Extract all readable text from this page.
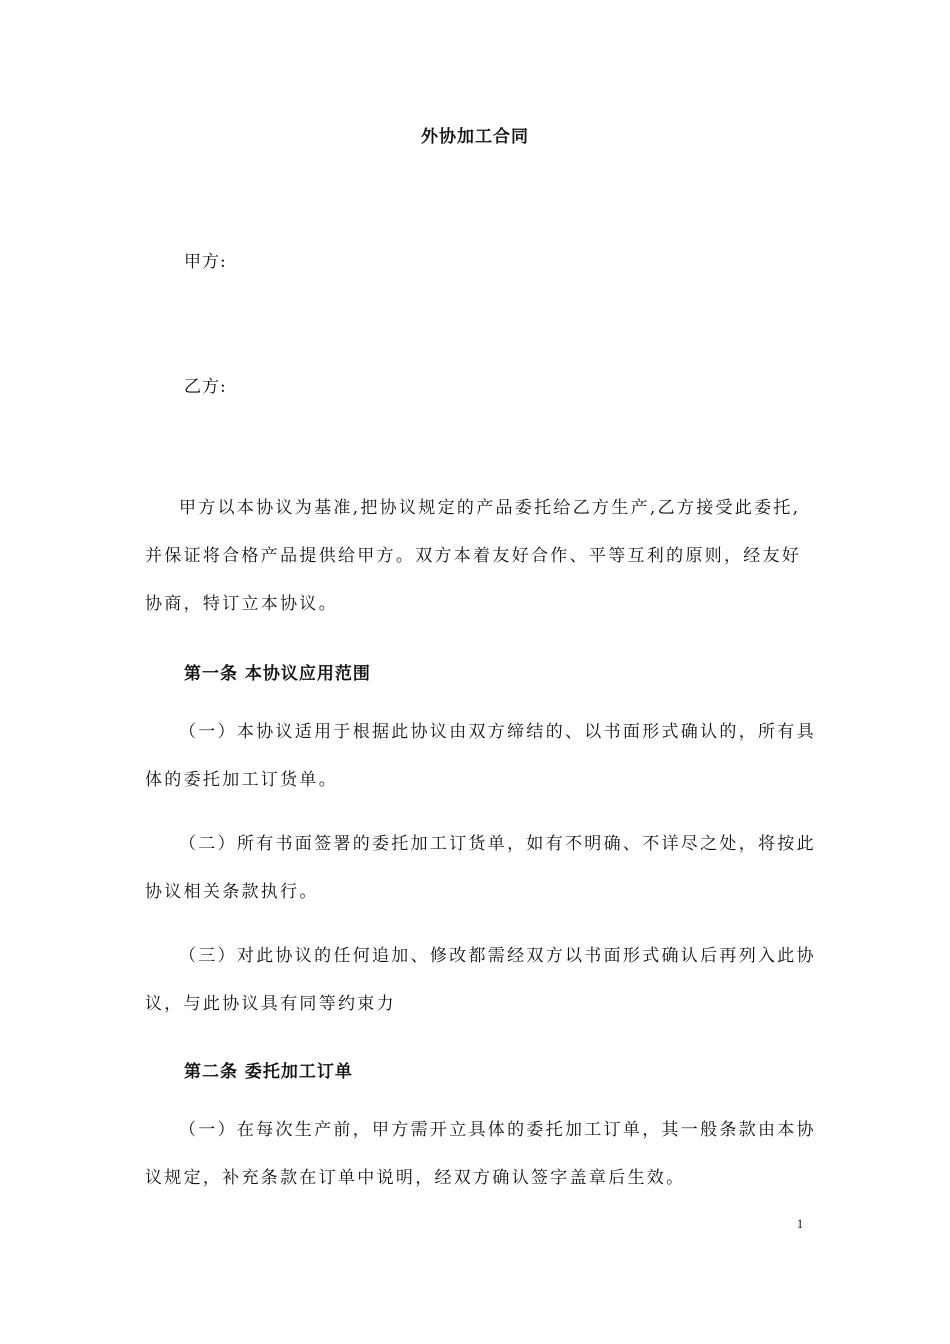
外协加工合同
甲方:
乙方:

甲方以本协议为基准,把协议规定的产品委托给乙方生产,乙方接受此委托,并保证将合格产品提供给甲方。双方本着友好合作、平等互利的原则，经友好协商，特订立本协议。

第一条 本协议应用范围

（一）本协议适用于根据此协议由双方缔结的、以书面形式确认的，所有具体的委托加工订货单。

（二）所有书面签署的委托加工订货单，如有不明确、不详尽之处，将按此协议相关条款执行。

（三）对此协议的任何追加、修改都需经双方以书面形式确认后再列入此协议，与此协议具有同等约束力

第二条 委托加工订单

（一）在每次生产前，甲方需开立具体的委托加工订单，其一般条款由本协议规定，补充条款在订单中说明，经双方确认签字盖章后生效。

1
